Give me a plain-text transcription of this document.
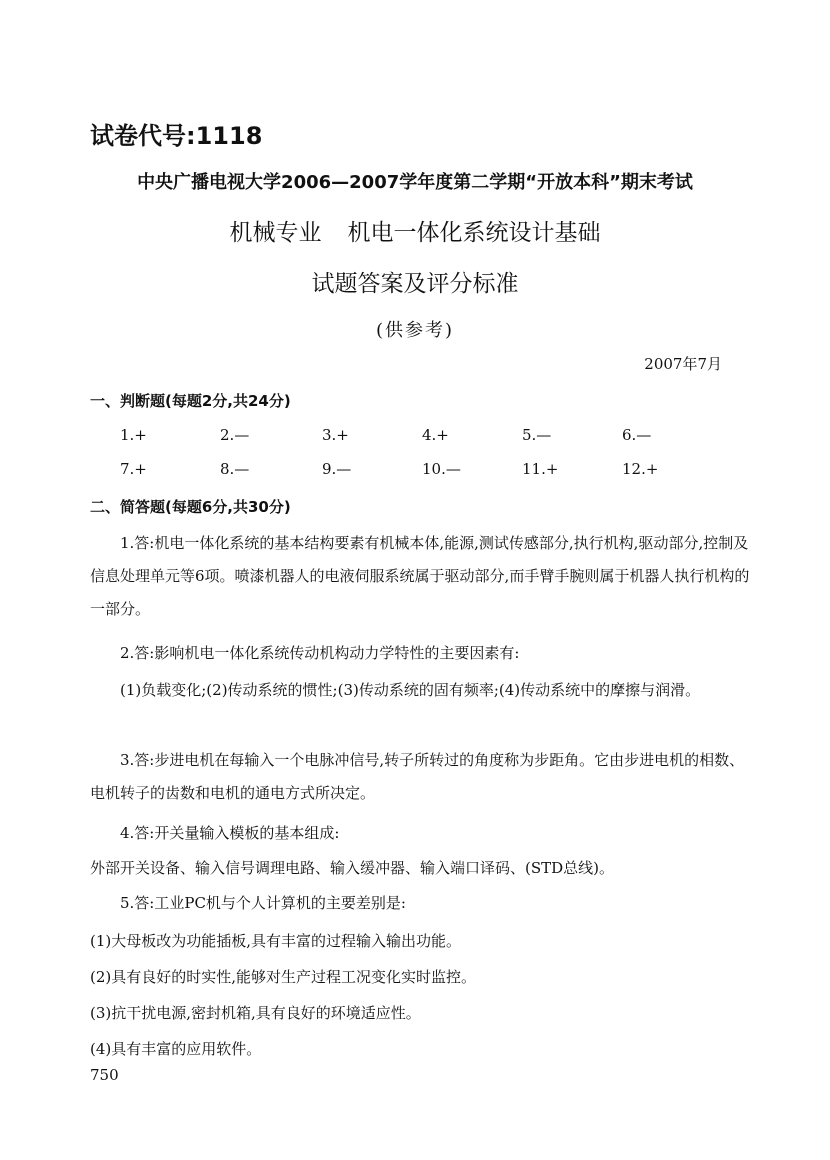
试卷代号:1118
中央广播电视大学2006—2007学年度第二学期“开放本科”期末考试
机械专业 机电一体化系统设计基础
试题答案及评分标准
(供参考)
2007年7月
一、判断题(每题2分,共24分)
1.+	2.—	3.+	4.+	5.—	6.—
7.+	8.—	9.—	10.—	11.+	12.+
二、简答题(每题6分,共30分)
1.答:机电一体化系统的基本结构要素有机械本体,能源,测试传感部分,执行机构,驱动部分,控制及信息处理单元等6项。喷漆机器人的电液伺服系统属于驱动部分,而手臂手腕则属于机器人执行机构的一部分。
2.答:影响机电一体化系统传动机构动力学特性的主要因素有:
(1)负载变化;(2)传动系统的惯性;(3)传动系统的固有频率;(4)传动系统中的摩擦与润滑。
3.答:步进电机在每输入一个电脉冲信号,转子所转过的角度称为步距角。它由步进电机的相数、电机转子的齿数和电机的通电方式所决定。
4.答:开关量输入模板的基本组成:
外部开关设备、输入信号调理电路、输入缓冲器、输入端口译码、(STD总线)。
5.答:工业PC机与个人计算机的主要差别是:
(1)大母板改为功能插板,具有丰富的过程输入输出功能。
(2)具有良好的时实性,能够对生产过程工况变化实时监控。
(3)抗干扰电源,密封机箱,具有良好的环境适应性。
(4)具有丰富的应用软件。
750
